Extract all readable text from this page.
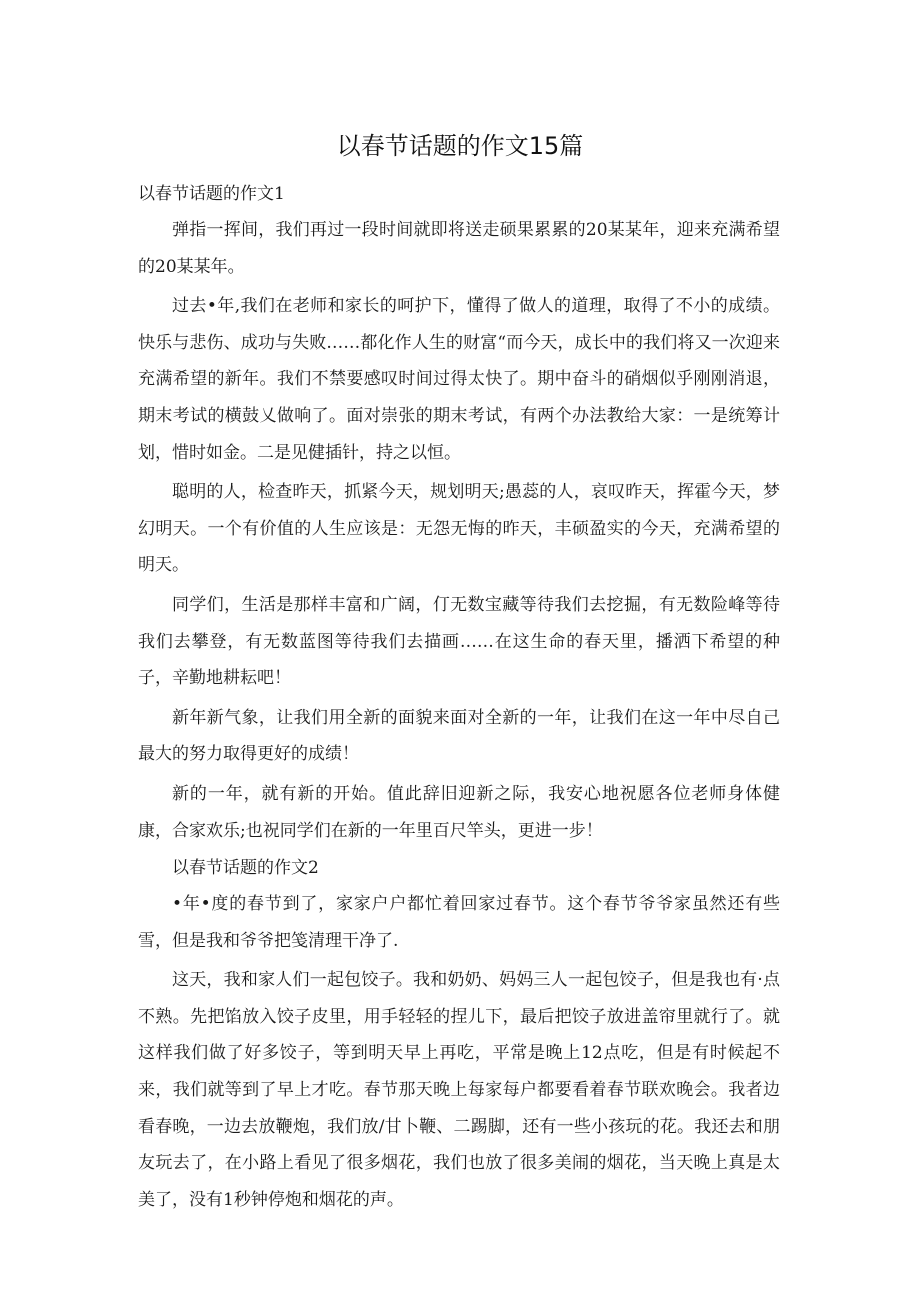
以春节话题的作文15篇

以春节话题的作文1

弹指一挥间，我们再过一段时间就即将送走硕果累累的20某某年，迎来充满希望的20某某年。

过去•年,我们在老师和家长的呵护下，懂得了做人的道理，取得了不小的成绩。快乐与悲伤、成功与失败……都化作人生的财富“而今天，成长中的我们将又一次迎来充满希望的新年。我们不禁要感叹时间过得太快了。期中奋斗的硝烟似乎刚刚消退，期末考试的横鼓乂做响了。面对崇张的期末考试，有两个办法教给大家：一是统筹计划，惜时如金。二是见健插针，持之以恒。

聪明的人，检查昨天，抓紧今天，规划明天;愚蕊的人，哀叹昨天，挥霍今天，梦幻明天。一个有价值的人生应该是：无怨无悔的昨天，丰硕盈实的今天，充满希望的明天。

同学们，生活是那样丰富和广阔，仃无数宝藏等待我们去挖掘，有无数险峰等待我们去攀登，有无数蓝图等待我们去描画……在这生命的春天里，播洒下希望的种子，辛勤地耕耘吧！

新年新气象，让我们用全新的面貌来面对全新的一年，让我们在这一年中尽自己最大的努力取得更好的成绩！

新的一年，就有新的开始。值此辞旧迎新之际，我安心地祝愿各位老师身体健康，合家欢乐;也祝同学们在新的一年里百尺竿头，更进一步！

以春节话题的作文2

•年•度的春节到了，家家户户都忙着回家过春节。这个春节爷爷家虽然还有些雪，但是我和爷爷把笺清理干净了.

这天，我和家人们一起包饺子。我和奶奶、妈妈三人一起包饺子，但是我也有·点不熟。先把馅放入饺子皮里，用手轻轻的捏儿下，最后把饺子放进盖帘里就行了。就这样我们做了好多饺子，等到明天早上再吃，平常是晚上12点吃，但是有时候起不来，我们就等到了早上才吃。春节那天晚上每家每户都要看着春节联欢晚会。我者边看春晚，一边去放鞭炮，我们放/甘卜鞭、二踢脚，还有一些小孩玩的花。我还去和朋友玩去了，在小路上看见了很多烟花，我们也放了很多美闹的烟花，当天晚上真是太美了，没有1秒钟停炮和烟花的声。
